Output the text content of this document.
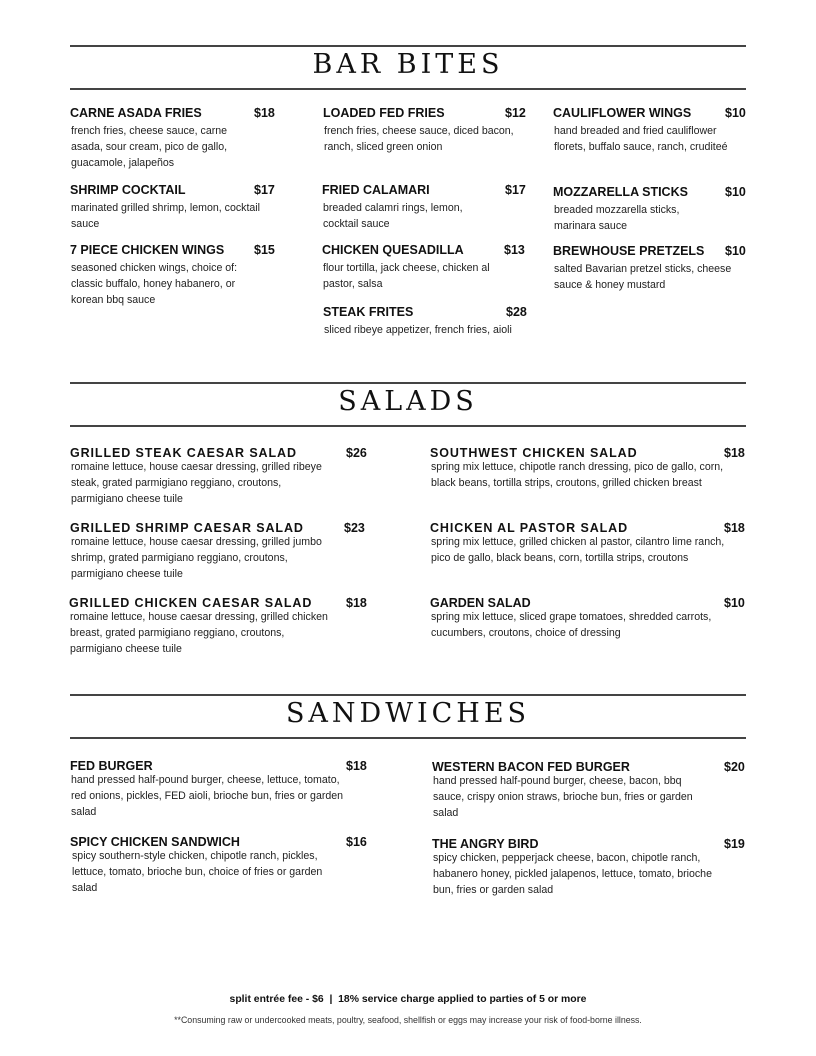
BAR BITES
CARNE ASADA FRIES	$18
french fries, cheese sauce, carne asada, sour cream, pico de gallo, guacamole, jalapeños
LOADED FED FRIES	$12
french fries, cheese sauce, diced bacon, ranch, sliced green onion
CAULIFLOWER WINGS	$10
hand breaded and fried cauliflower florets, buffalo sauce, ranch, cruditeé
SHRIMP COCKTAIL	$17
marinated grilled shrimp, lemon, cocktail sauce
FRIED CALAMARI	$17
breaded calamri rings, lemon, cocktail sauce
MOZZARELLA STICKS	$10
breaded mozzarella sticks, marinara sauce
7 PIECE CHICKEN WINGS $15
seasoned chicken wings, choice of: classic buffalo, honey habanero, or korean bbq sauce
CHICKEN QUESADILLA	$13
flour tortilla, jack cheese, chicken al pastor, salsa
BREWHOUSE PRETZELS $10
salted Bavarian pretzel sticks, cheese sauce & honey mustard
STEAK FRITES	$28
sliced ribeye appetizer, french fries, aioli
SALADS
GRILLED STEAK CAESAR SALAD	$26
romaine lettuce, house caesar dressing, grilled ribeye steak, grated parmigiano reggiano, croutons, parmigiano cheese tuile
SOUTHWEST CHICKEN SALAD	$18
spring mix lettuce, chipotle ranch dressing, pico de gallo, corn, black beans, tortilla strips, croutons, grilled chicken breast
GRILLED SHRIMP CAESAR SALAD	$23
romaine lettuce, house caesar dressing, grilled jumbo shrimp, grated parmigiano reggiano, croutons, parmigiano cheese tuile
CHICKEN AL PASTOR SALAD	$18
spring mix lettuce, grilled chicken al pastor, cilantro lime ranch, pico de gallo, black beans, corn, tortilla strips, croutons
GRILLED CHICKEN CAESAR SALAD	$18
romaine lettuce, house caesar dressing, grilled chicken breast, grated parmigiano reggiano, croutons, parmigiano cheese tuile
GARDEN SALAD	$10
spring mix lettuce, sliced grape tomatoes, shredded carrots, cucumbers, croutons, choice of dressing
SANDWICHES
FED BURGER	$18
hand pressed half-pound burger, cheese, lettuce, tomato, red onions, pickles, FED aioli, brioche bun, fries or garden salad
WESTERN BACON FED BURGER	$20
hand pressed half-pound burger, cheese, bacon, bbq sauce, crispy onion straws, brioche bun, fries or garden salad
SPICY CHICKEN SANDWICH	$16
spicy southern-style chicken, chipotle ranch, pickles, lettuce, tomato, brioche bun, choice of fries or garden salad
THE ANGRY BIRD	$19
spicy chicken, pepperjack cheese, bacon, chipotle ranch, habanero honey, pickled jalapenos, lettuce, tomato, brioche bun, fries or garden salad
split entrée fee - $6  |  18% service charge applied to parties of 5 or more
**Consuming raw or undercooked meats, poultry, seafood, shellfish or eggs may increase your risk of food-borne illness.
